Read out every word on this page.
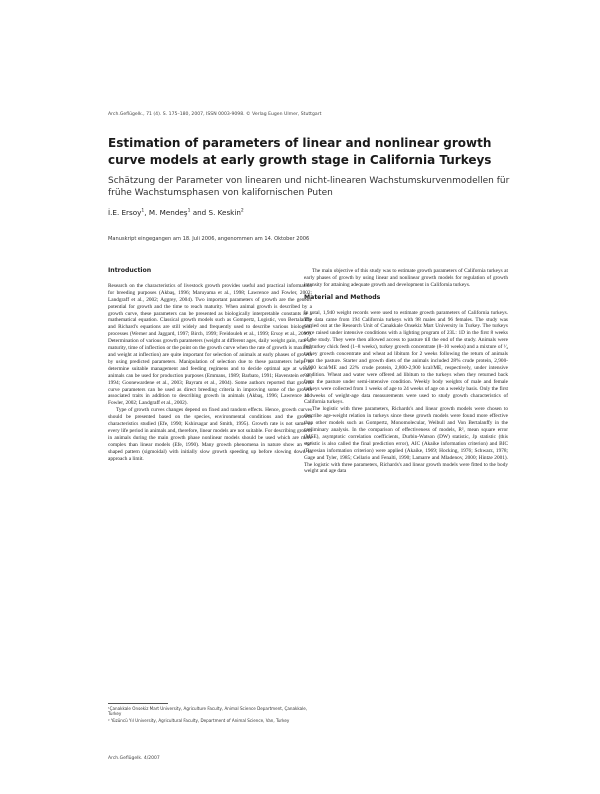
Arch.Geflügelk., 71 (4). S. 175–180, 2007, ISSN 0003-9098. © Verlag Eugen Ulmer, Stuttgart
Estimation of parameters of linear and nonlinear growth curve models at early growth stage in California Turkeys
Schätzung der Parameter von linearen und nicht-linearen Wachstumskurvenmodellen für frühe Wachstumsphasen von kalifornischen Puten
İ.E. Ersoy$^1$, M. Mendeş$^1$ and S. Keskin$^2$
Manuskript eingegangen am 18. Juli 2006, angenommen am 14. Oktober 2006
Introduction

Research on the characteristics of livestock growth provides useful and practical information for breeding purposes (Akbaş, 1996; Maruyama et al., 1998; Lawrence and Fowler, 2002; Landgraff et al., 2002; Aggrey, 2004). Two important parameters of growth are the genetic potential for growth and the time to reach maturity. When animal growth is described by a growth curve, these parameters can be presented as biologically interpretable constants in a mathematical equation. Classical growth models such as Gompertz, Logistic, von Bertalanffy and Richard's equations are still widely and frequently used to describe various biological processes (Werner and Jaggard, 1997; Birch, 1999; Freidouleh et al., 1999; Ersoy et al., 2006). Determination of various growth parameters (weight at different ages, daily weight gain, rate of maturity, time of inflection or the point on the growth curve when the rate of growth is maximal and weight at inflection) are quite important for selection of animals at early phases of growth by using predicted parameters. Manipulation of selection due to these parameters helps to determine suitable management and feeding regimens and to decide optimal age at which animals can be used for production purposes (Emmans, 1989; Barbato, 1991; Havenstein et al., 1994; Goonewardene et al., 2003; Bayram et al., 2004). Some authors reported that growth curve parameters can be used as direct breeding criteria in improving some of the growth associated traits in addition to describing growth in animals (Akbaş, 1996; Lawrence and Fowler, 2002; Landgraff et al., 2002).

Type of growth curves changes depend on fixed and random effects. Hence, growth curves should be presented based on the species, environmental conditions and the growth characteristics studied (Efe, 1990; Kshirsagar and Smith, 1995). Growth rate is not same in every life period in animals and, therefore, linear models are not suitable. For describing growth in animals during the main growth phase nonlinear models should be used which are more complex than linear models (Efe, 1990). Many growth phenomena in nature show an “S” shaped pattern (sigmoidal) with initially slow growth speeding up before slowing down to approach a limit.

The main objective of this study was to estimate growth parameters of California turkeys at early phases of growth by using linear and nonlinear growth models for regulation of growth intensity for attaining adequate growth and development in California turkeys.

Material and Methods

In total, 1,940 weight records were used to estimate growth parameters of California turkeys. The data came from 194 California turkeys with 98 males and 96 females. The study was carried out at the Research Unit of Canakkale Onsekiz Mart University in Turkey. The turkeys were raised under intensive conditions with a lighting program of 23L: 1D in the first 8 weeks of the study. They were then allowed access to pasture till the end of the study. Animals were fed turkey chick feed (1–8 weeks), turkey growth concentrate (8–10 weeks) and a mixture of ¹⁄₄ turkey growth concentrate and wheat ad libitum for 2 weeks following the return of animals from the pasture. Starter and growth diets of the animals included 28% crude protein, 2,900-3,000 kcal/ME and 22% crude protein, 2,800-2,900 kcal/ME, respectively, under intensive condition. Wheat and water were offered ad libitum to the turkeys when they returned back from the pasture under semi-intensive condition. Weekly body weights of male and female turkeys were collected from 1 weeks of age to 24 weeks of age on a weekly basis. Only the first 10 weeks of weight-age data measurements were used to study growth characteristics of California turkeys.

The logistic with three parameters, Richards's and linear growth models were chosen to describe age-weight relation in turkeys since these growth models were found more effective than other models such as Gompertz, Monomolecular, Weibull and Von Bertalanffy in the preliminary analysis. In the comparison of effectiveness of models, R², mean square error (MSE), asymptotic correlation coefficients, Durbin-Watson (DW) statistic, Jp statistic (this statistic is also called the final prediction error), AIC (Akaike information criterion) and BIC (Bayesian information criterion) were applied (Akaike, 1969; Hocking, 1976; Schwarz, 1978; Gage and Tyler, 1985; Cellario and Fenalti, 1990; Lamarre and Mladenov, 2000; Hintze 2001). The logistic with three parameters, Richards's and linear growth models were fitted to the body weight and age data

¹Çanakkale Onsekiz Mart University, Agriculture Faculty, Animal Science Department, Çanakkale, Turkey

² Yüzüncü Yıl University, Agricultural Faculty, Department of Animal Science, Van, Turkey

Arch.Geflügelk. 4/2007
